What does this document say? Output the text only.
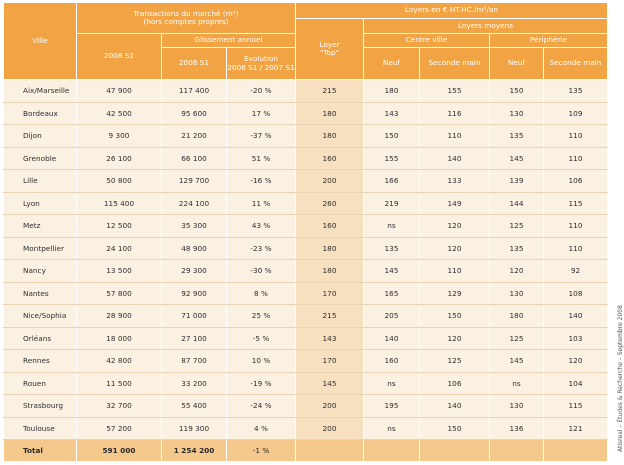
Ville	Transactions du marché (m²)
(hors comptes propres)			Loyers en € HT.HC./m²/an				
				Loyer
"Top"	Loyers moyens			
	2008 S1	Glissement annuel			Centre ville		Périphérie	
		2008 S1	Evolution
2008 S1 / 2007 S1		Neuf	Seconde main	Neuf	Seconde main
Aix/Marseille	47 900	117 400	-20 %	215	180	155	150	135
Bordeaux	42 500	95 600	17 %	180	143	116	130	109
Dijon	9 300	21 200	-37 %	180	150	110	135	110
Grenoble	26 100	66 100	51 %	160	155	140	145	110
Lille	50 800	129 700	-16 %	200	166	133	139	106
Lyon	115 400	224 100	11 %	260	219	149	144	115
Metz	12 500	35 300	43 %	160	ns	120	125	110
Montpellier	24 100	48 900	-23 %	180	135	120	135	110
Nancy	13 500	29 300	-30 %	180	145	110	120	92
Nantes	57 800	92 900	8 %	170	165	129	130	108
Nice/Sophia	28 900	71 000	25 %	215	205	150	180	140
Orléans	18 000	27 100	-5 %	143	140	120	125	103
Rennes	42 800	87 700	10 %	170	160	125	145	120
Rouen	11 500	33 200	-19 %	145	ns	106	ns	104
Strasbourg	32 700	55 400	-24 %	200	195	140	130	115
Toulouse	57 200	119 300	4 %	200	ns	150	136	121
Total	591 000	1 254 200	-1 %						Atisreal – Études & Recherche – Septembre 2008
